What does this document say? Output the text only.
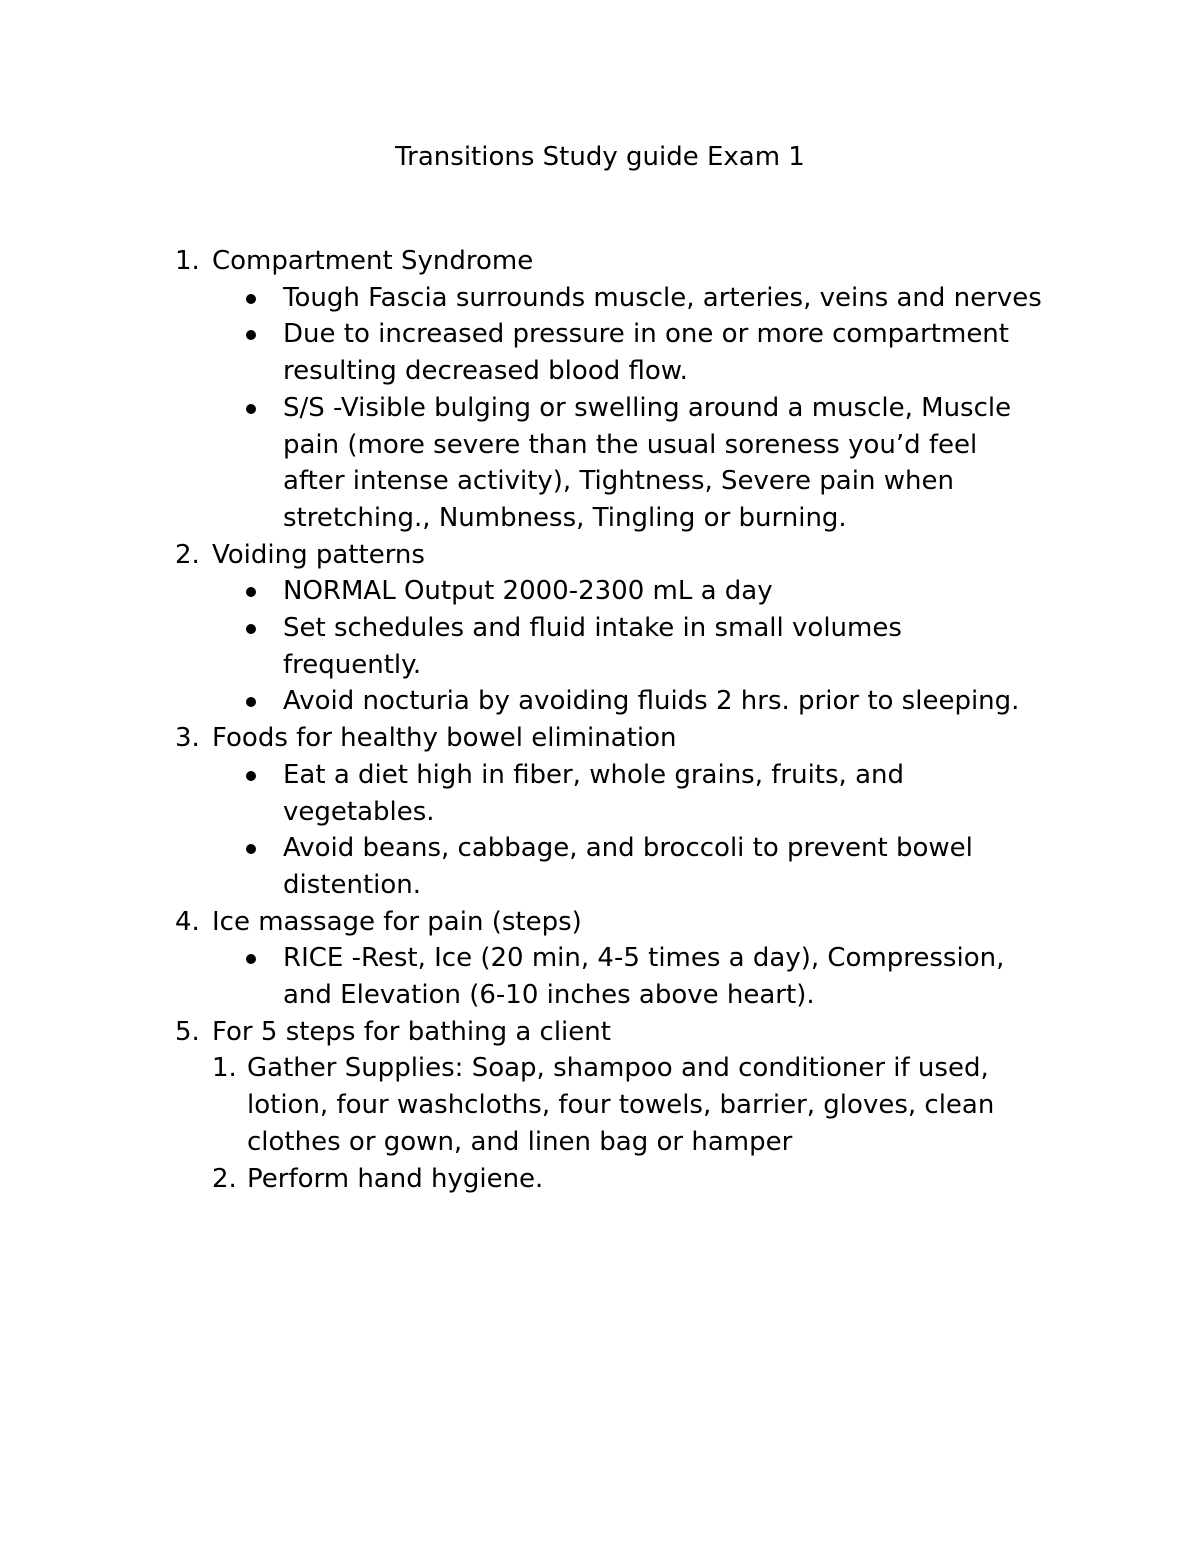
Transitions Study guide Exam 1
1. Compartment Syndrome
Tough Fascia surrounds muscle, arteries, veins and nerves
Due to increased pressure in one or more compartment resulting decreased blood flow.
S/S -Visible bulging or swelling around a muscle, Muscle pain (more severe than the usual soreness you’d feel after intense activity), Tightness, Severe pain when stretching., Numbness, Tingling or burning.
2. Voiding patterns
NORMAL Output 2000-2300 mL a day
Set schedules and fluid intake in small volumes frequently.
Avoid nocturia by avoiding fluids 2 hrs. prior to sleeping.
3. Foods for healthy bowel elimination
Eat a diet high in fiber, whole grains, fruits, and vegetables.
Avoid beans, cabbage, and broccoli to prevent bowel distention.
4. Ice massage for pain (steps)
RICE -Rest, Ice (20 min, 4-5 times a day), Compression, and Elevation (6-10 inches above heart).
5. For 5 steps for bathing a client
1. Gather Supplies: Soap, shampoo and conditioner if used, lotion, four washcloths, four towels, barrier, gloves, clean clothes or gown, and linen bag or hamper
2. Perform hand hygiene.
